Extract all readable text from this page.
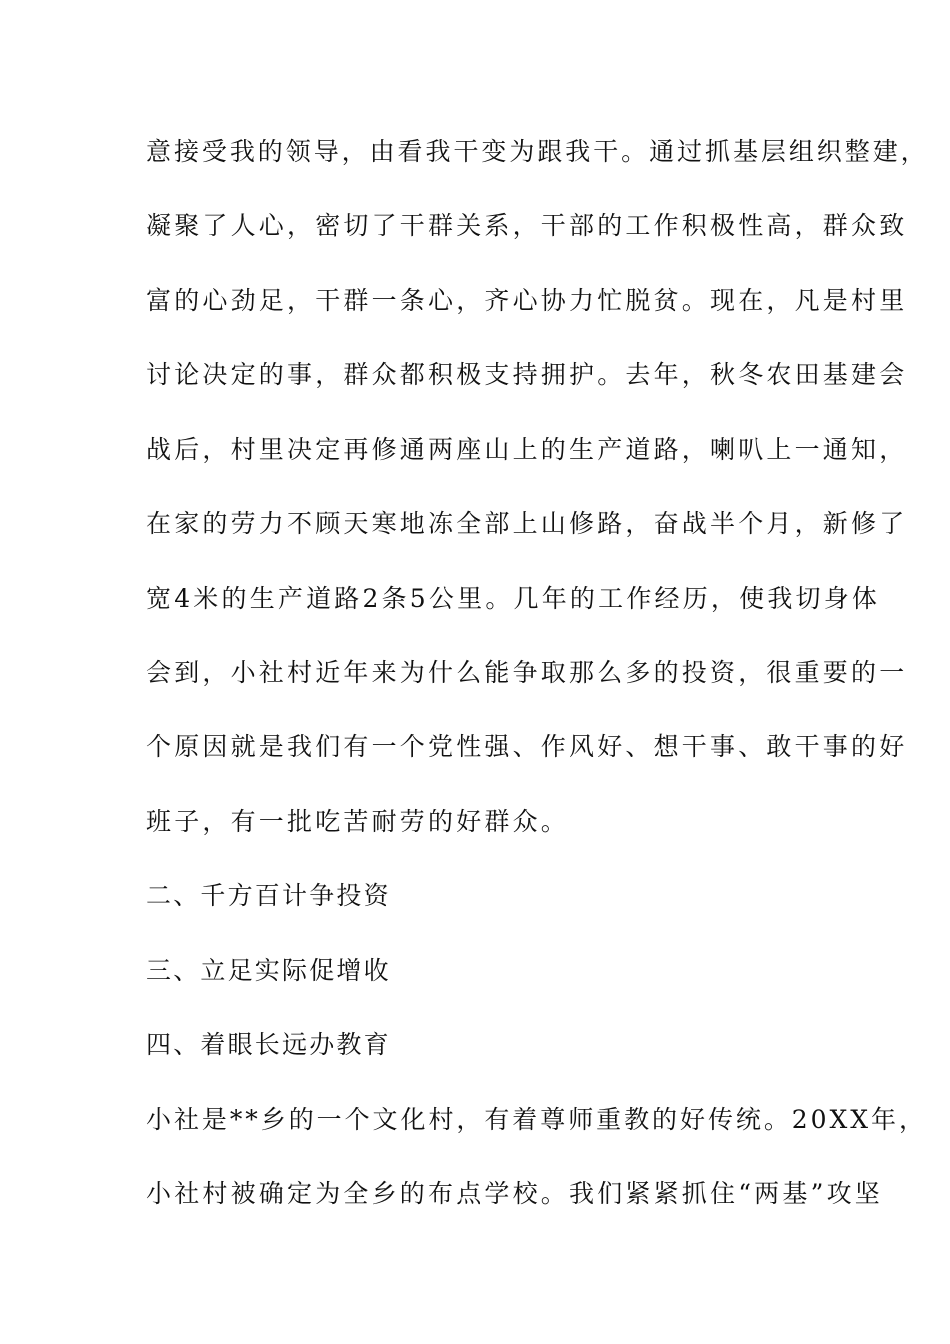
意接受我的领导，由看我干变为跟我干。通过抓基层组织整建，
凝聚了人心，密切了干群关系，干部的工作积极性高，群众致
富的心劲足，干群一条心，齐心协力忙脱贫。现在，凡是村里
讨论决定的事，群众都积极支持拥护。去年，秋冬农田基建会
战后，村里决定再修通两座山上的生产道路，喇叭上一通知，
在家的劳力不顾天寒地冻全部上山修路，奋战半个月，新修了
宽4米的生产道路2条5公里。几年的工作经历，使我切身体
会到，小社村近年来为什么能争取那么多的投资，很重要的一
个原因就是我们有一个党性强、作风好、想干事、敢干事的好
班子，有一批吃苦耐劳的好群众。
二、千方百计争投资
三、立足实际促增收
四、着眼长远办教育
小社是**乡的一个文化村，有着尊师重教的好传统。20XX年，
小社村被确定为全乡的布点学校。我们紧紧抓住“两基”攻坚
